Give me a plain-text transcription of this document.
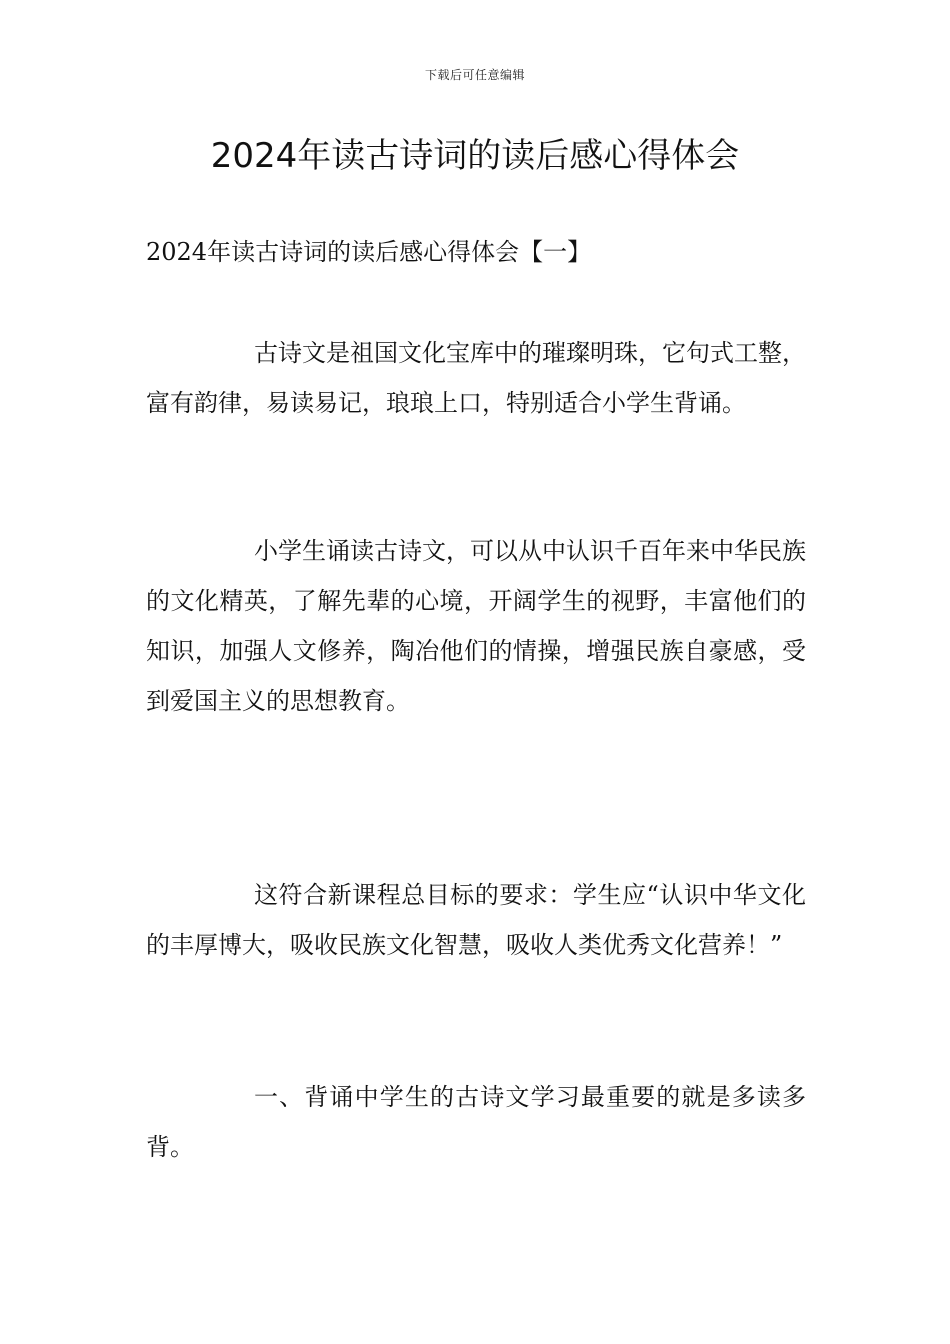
下载后可任意编辑
2024年读古诗词的读后感心得体会
2024年读古诗词的读后感心得体会【一】

古诗文是祖国文化宝库中的璀璨明珠，它句式工整，富有韵律，易读易记，琅琅上口，特别适合小学生背诵。

小学生诵读古诗文，可以从中认识千百年来中华民族的文化精英，了解先辈的心境，开阔学生的视野，丰富他们的知识，加强人文修养，陶冶他们的情操，增强民族自豪感，受到爱国主义的思想教育。

这符合新课程总目标的要求：学生应“认识中华文化的丰厚博大，吸收民族文化智慧，吸收人类优秀文化营养！”

一、背诵中学生的古诗文学习最重要的就是多读多背。
